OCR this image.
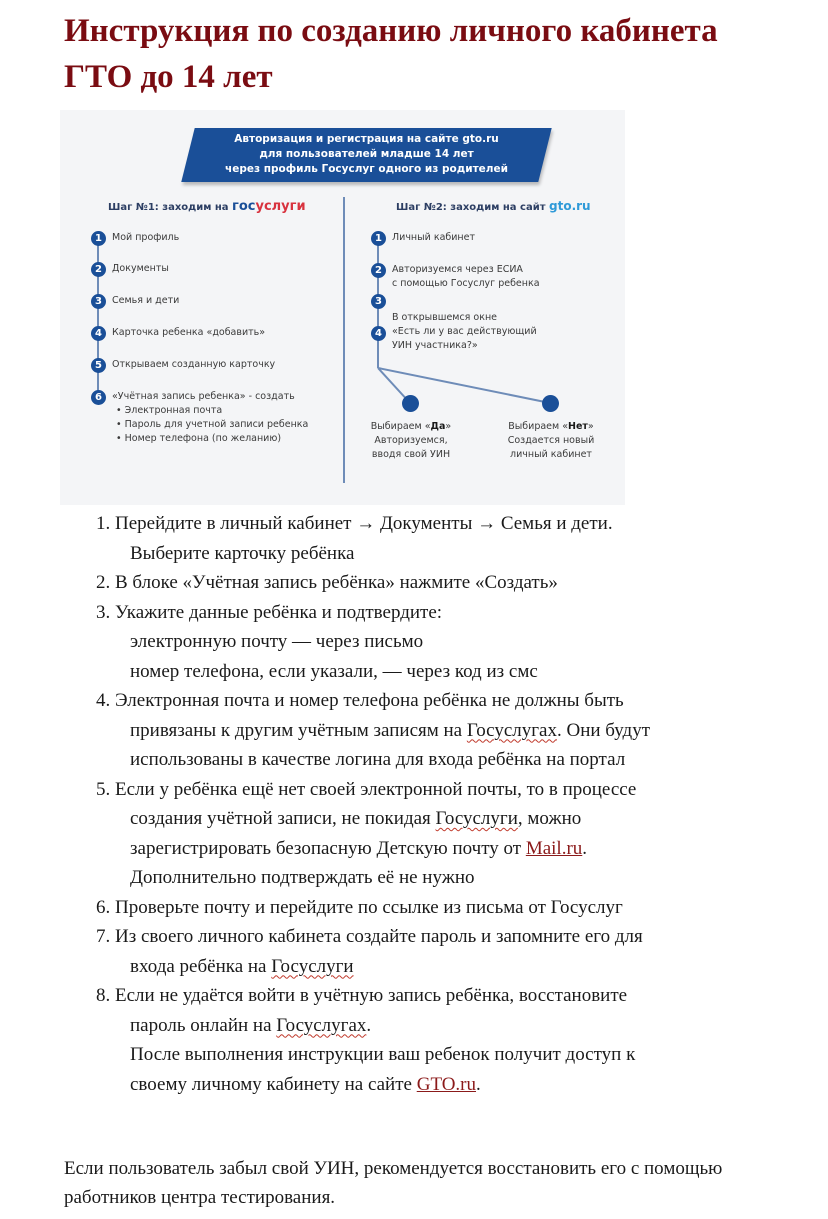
Инструкция по созданию личного кабинета ГТО до 14 лет
Авторизация и регистрация на сайте gto.ru
для пользователей младше 14 лет
через профиль Госуслуг одного из родителей
Шаг №1: заходим на госуслуги
1	Мой профиль
2	Документы
3	Семья и дети
4	Карточка ребенка «добавить»
5	Открываем созданную карточку
6	«Учётная запись ребенка» - создать
• Электронная почта
• Пароль для учетной записи ребенка
• Номер телефона (по желанию)
Шаг №2: заходим на сайт gto.ru
1	Личный кабинет
2	Авторизуемся через ЕСИА
с помощью Госуслуг ребенка
3
В открывшемся окне
4	«Есть ли у вас действующий
УИН участника?»
Выбираем «Да»
Авторизуемся,
вводя свой УИН
Выбираем «Нет»
Создается новый
личный кабинет
1. Перейдите в личный кабинет → Документы → Семья и дети.
Выберите карточку ребёнка
2. В блоке «Учётная запись ребёнка» нажмите «Создать»
3. Укажите данные ребёнка и подтвердите:
электронную почту — через письмо
номер телефона, если указали, — через код из смс
4. Электронная почта и номер телефона ребёнка не должны быть
привязаны к другим учётным записям на Госуслугах. Они будут
использованы в качестве логина для входа ребёнка на портал
5. Если у ребёнка ещё нет своей электронной почты, то в процессе
создания учётной записи, не покидая Госуслуги, можно
зарегистрировать безопасную Детскую почту от Mail.ru.
Дополнительно подтверждать её не нужно
6. Проверьте почту и перейдите по ссылке из письма от Госуслуг
7. Из своего личного кабинета создайте пароль и запомните его для
входа ребёнка на Госуслуги
8. Если не удаётся войти в учётную запись ребёнка, восстановите
пароль онлайн на Госуслугах.
После выполнения инструкции ваш ребенок получит доступ к
своему личному кабинету на сайте GTO.ru.

Если пользователь забыл свой УИН, рекомендуется восстановить его с помощью работников центра тестирования.
